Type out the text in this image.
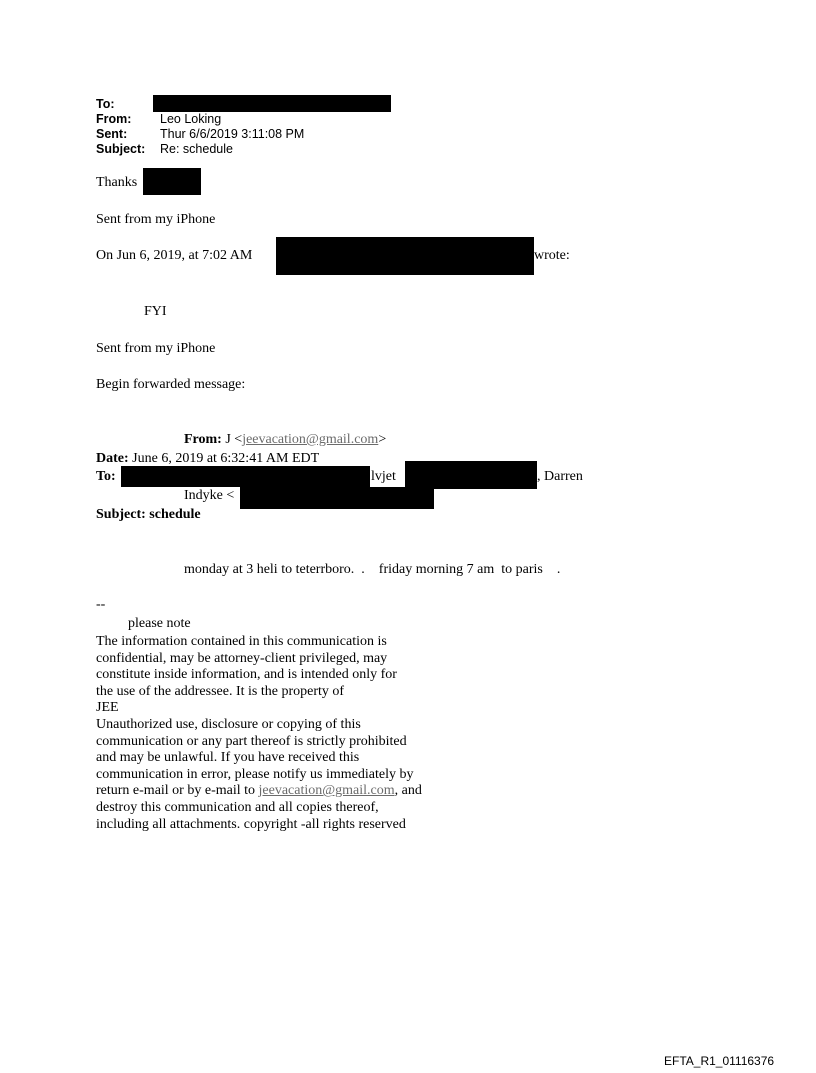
To:
From: Leo Loking
Sent:	Thur 6/6/2019 3:11:08 PM
Subject: Re: schedule
Thanks
Sent from my iPhone
On Jun 6, 2019, at 7:02 AM	wrote:
FYI
Sent from my iPhone
Begin forwarded message:
From: J <jeevacation@gmail.com>
Date: June 6, 2019 at 6:32:41 AM EDT
To:	lvjet	, Darren
Indyke <
Subject: schedule
monday at 3 heli to teterrboro.  .    friday morning 7 am  to paris    .
--
please note
The information contained in this communication is
confidential, may be attorney-client privileged, may
constitute inside information, and is intended only for
the use of the addressee. It is the property of
JEE
Unauthorized use, disclosure or copying of this
communication or any part thereof is strictly prohibited
and may be unlawful. If you have received this
communication in error, please notify us immediately by
return e-mail or by e-mail to jeevacation@gmail.com, and
destroy this communication and all copies thereof,
including all attachments. copyright -all rights reserved
EFTA_R1_01116376
